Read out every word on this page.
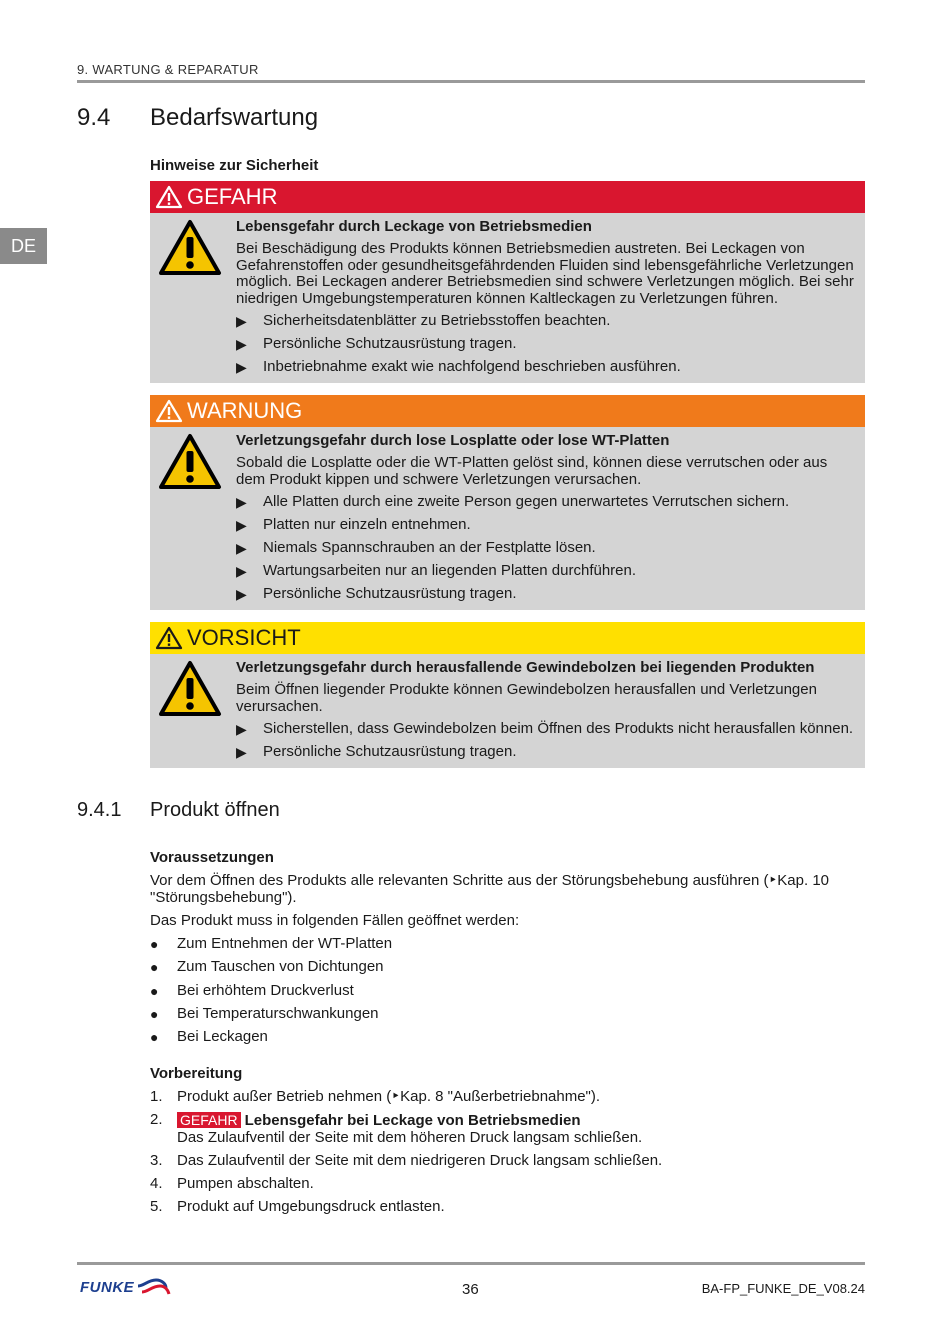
9. WARTUNG & REPARATUR
DE
9.4 Bedarfswartung
Hinweise zur Sicherheit
GEFAHR
Lebensgefahr durch Leckage von Betriebsmedien
Bei Beschädigung des Produkts können Betriebsmedien austreten. Bei Leckagen von Gefahrenstoffen oder gesundheitsgefährdenden Fluiden sind lebensgefährliche Verletzungen möglich. Bei Leckagen anderer Betriebsmedien sind schwere Verletzungen möglich. Bei sehr niedrigen Umgebungstemperaturen können Kaltleckagen zu Verletzungen führen.
▶	Sicherheitsdatenblätter zu Betriebsstoffen beachten.
▶	Persönliche Schutzausrüstung tragen.
▶	Inbetriebnahme exakt wie nachfolgend beschrieben ausführen.
WARNUNG
Verletzungsgefahr durch lose Losplatte oder lose WT-Platten
Sobald die Losplatte oder die WT-Platten gelöst sind, können diese verrutschen oder aus dem Produkt kippen und schwere Verletzungen verursachen.
▶	Alle Platten durch eine zweite Person gegen unerwartetes Verrutschen sichern.
▶	Platten nur einzeln entnehmen.
▶	Niemals Spannschrauben an der Festplatte lösen.
▶	Wartungsarbeiten nur an liegenden Platten durchführen.
▶	Persönliche Schutzausrüstung tragen.
VORSICHT
Verletzungsgefahr durch herausfallende Gewindebolzen bei liegenden Produkten
Beim Öffnen liegender Produkte können Gewindebolzen herausfallen und Verletzungen verursachen.
▶	Sicherstellen, dass Gewindebolzen beim Öffnen des Produkts nicht herausfallen können.
▶	Persönliche Schutzausrüstung tragen.
9.4.1 Produkt öffnen
Voraussetzungen
Vor dem Öffnen des Produkts alle relevanten Schritte aus der Störungsbehebung ausführen (‣Kap. 10 "Störungsbehebung").
Das Produkt muss in folgenden Fällen geöffnet werden:
●	Zum Entnehmen der WT-Platten
●	Zum Tauschen von Dichtungen
●	Bei erhöhtem Druckverlust
●	Bei Temperaturschwankungen
●	Bei Leckagen
Vorbereitung
1. Produkt außer Betrieb nehmen (‣Kap. 8 "Außerbetriebnahme").
2.	GEFAHR Lebensgefahr bei Leckage von Betriebsmedien
Das Zulaufventil der Seite mit dem höheren Druck langsam schließen.
3. Das Zulaufventil der Seite mit dem niedrigeren Druck langsam schließen.
4. Pumpen abschalten.
5. Produkt auf Umgebungsdruck entlasten.
FUNKE	36	BA-FP_FUNKE_DE_V08.24
